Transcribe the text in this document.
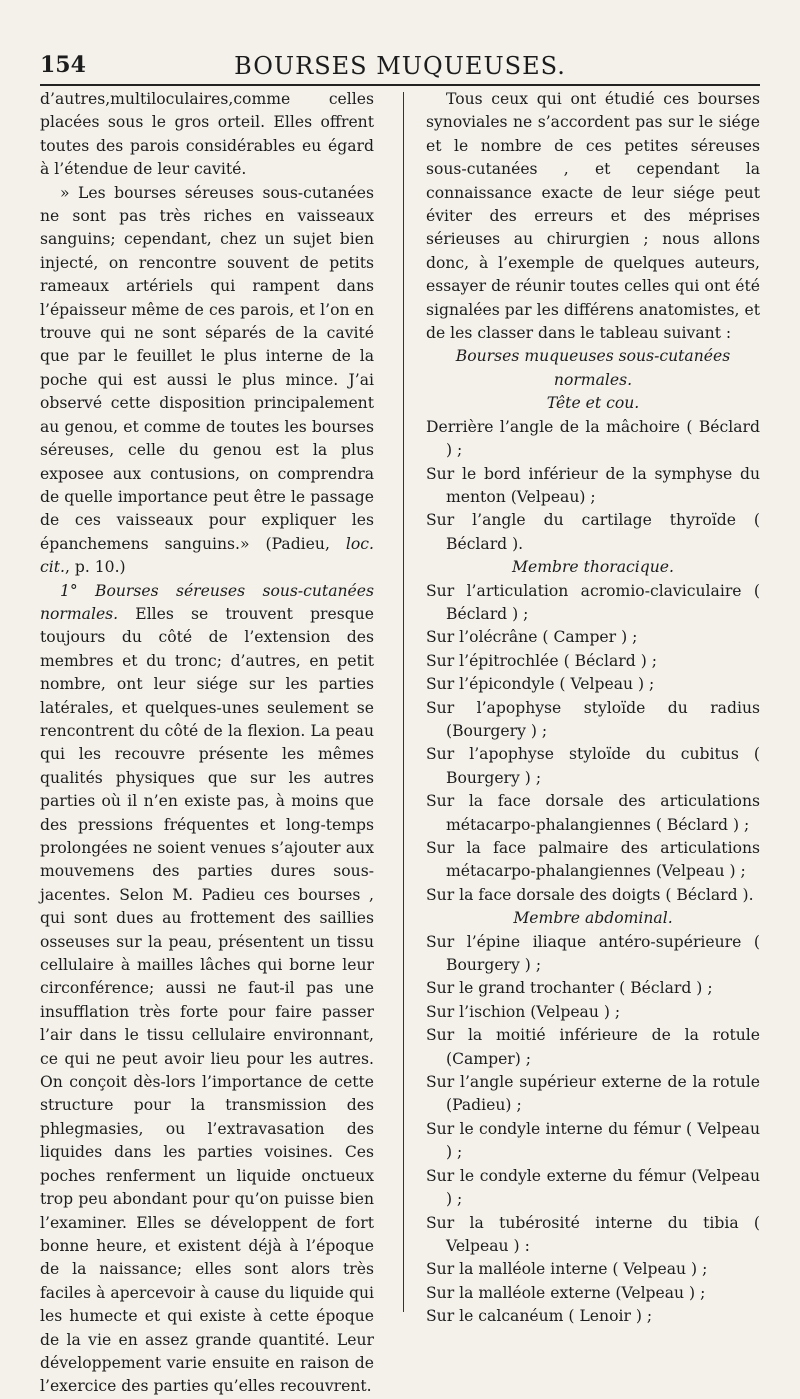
154	BOURSES MUQUEUSES.

d’autres,multiloculaires,comme celles placées sous le gros orteil. Elles offrent toutes des parois considérables eu égard à l’étendue de leur cavité.

» Les bourses séreuses sous-cutanées ne sont pas très riches en vaisseaux sanguins; cependant, chez un sujet bien injecté, on rencontre souvent de petits rameaux artériels qui rampent dans l’épaisseur même de ces parois, et l’on en trouve qui ne sont séparés de la cavité que par le feuillet le plus interne de la poche qui est aussi le plus mince. J’ai observé cette disposition principalement au genou, et comme de toutes les bourses séreuses, celle du genou est la plus exposee aux contusions, on comprendra de quelle importance peut être le passage de ces vaisseaux pour expliquer les épanchemens sanguins.» (Padieu, loc. cit., p. 10.)

1° Bourses séreuses sous-cutanées normales. Elles se trouvent presque toujours du côté de l’extension des membres et du tronc; d’autres, en petit nombre, ont leur siége sur les parties latérales, et quelques-unes seulement se rencontrent du côté de la flexion. La peau qui les recouvre présente les mêmes qualités physiques que sur les autres parties où il n’en existe pas, à moins que des pressions fréquentes et long-temps prolongées ne soient venues s’ajouter aux mouvemens des parties dures sous-jacentes. Selon M. Padieu ces bourses , qui sont dues au frottement des saillies osseuses sur la peau, présentent un tissu cellulaire à mailles lâches qui borne leur circonférence; aussi ne faut-il pas une insufflation très forte pour faire passer l’air dans le tissu cellulaire environnant, ce qui ne peut avoir lieu pour les autres. On conçoit dès-lors l’importance de cette structure pour la transmission des phlegmasies, ou l’extravasation des liquides dans les parties voisines. Ces poches renferment un liquide onctueux trop peu abondant pour qu’on puisse bien l’examiner. Elles se développent de fort bonne heure, et existent déjà à l’époque de la naissance; elles sont alors très faciles à apercevoir à cause du liquide qui les humecte et qui existe à cette époque de la vie en assez grande quantité. Leur développement varie ensuite en raison de l’exercice des parties qu’elles recouvrent.

Tous ceux qui ont étudié ces bourses synoviales ne s’accordent pas sur le siége et le nombre de ces petites séreuses sous-cutanées , et cependant la connaissance exacte de leur siége peut éviter des erreurs et des méprises sérieuses au chirurgien ; nous allons donc, à l’exemple de quelques auteurs, essayer de réunir toutes celles qui ont été signalées par les différens anatomistes, et de les classer dans le tableau suivant :

Bourses muqueuses sous-cutanées normales.

Tête et cou.

Derrière l’angle de la mâchoire ( Béclard ) ;

Sur le bord inférieur de la symphyse du menton (Velpeau) ;

Sur l’angle du cartilage thyroïde ( Béclard ).

Membre thoracique.

Sur l’articulation acromio-claviculaire ( Béclard ) ;

Sur l’olécrâne ( Camper ) ;

Sur l’épitrochlée ( Béclard ) ;

Sur l’épicondyle ( Velpeau ) ;

Sur l’apophyse styloïde du radius (Bourgery ) ;

Sur l’apophyse styloïde du cubitus ( Bourgery ) ;

Sur la face dorsale des articulations métacarpo-phalangiennes ( Béclard ) ;

Sur la face palmaire des articulations métacarpo-phalangiennes (Velpeau ) ;

Sur la face dorsale des doigts ( Béclard ).

Membre abdominal.

Sur l’épine iliaque antéro-supérieure ( Bourgery ) ;

Sur le grand trochanter ( Béclard ) ;

Sur l’ischion (Velpeau ) ;

Sur la moitié inférieure de la rotule (Camper) ;

Sur l’angle supérieur externe de la rotule (Padieu) ;

Sur le condyle interne du fémur ( Velpeau ) ;

Sur le condyle externe du fémur (Velpeau ) ;

Sur la tubérosité interne du tibia ( Velpeau ) :

Sur la malléole interne ( Velpeau ) ;

Sur la malléole externe (Velpeau ) ;

Sur le calcanéum ( Lenoir ) ;
